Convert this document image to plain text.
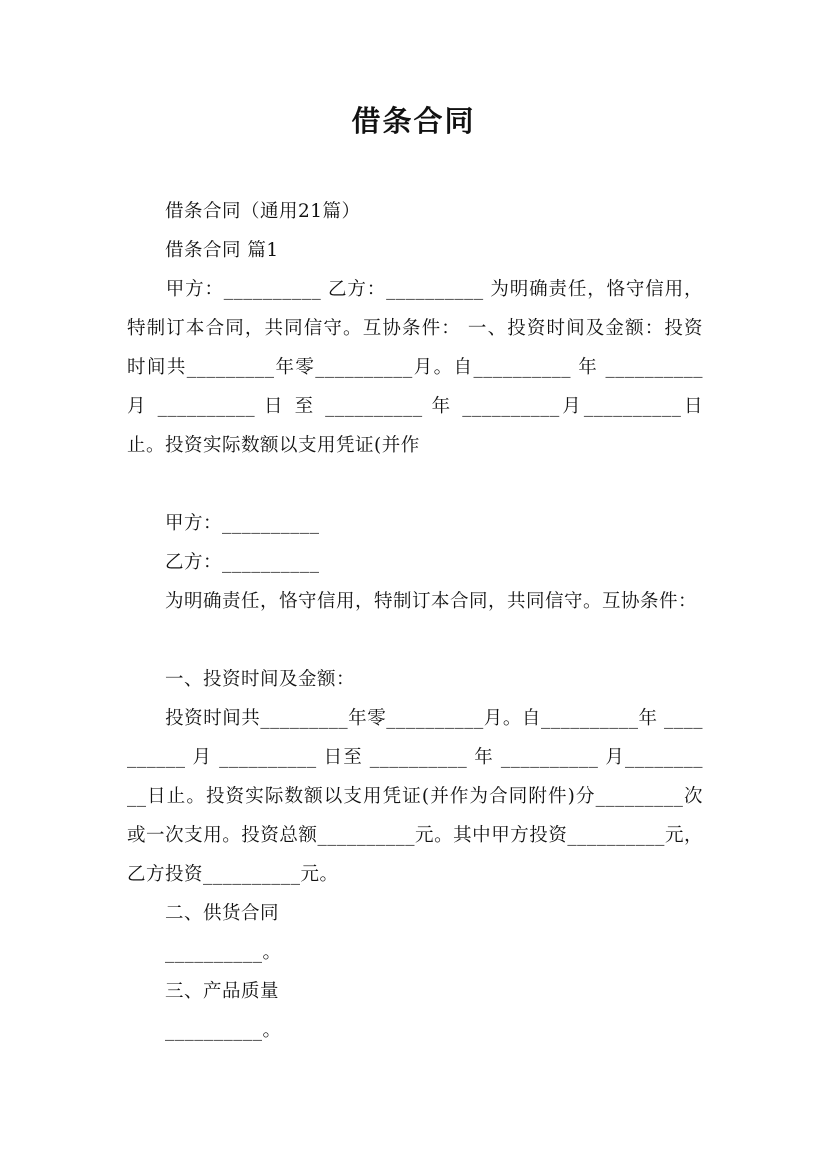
借条合同

　　借条合同（通用21篇）

　　借条合同 篇1

　　甲方：__________ 乙方：__________ 为明确责任，恪守信用，特制订本合同，共同信守。互协条件： 一、投资时间及金额：投资时间共_________年零__________月。自__________ 年 __________ 月 __________ 日 至 __________ 年 __________月__________日止。投资实际数额以支用凭证(并作

　　甲方：__________

　　乙方：__________

　　为明确责任，恪守信用，特制订本合同，共同信守。互协条件：

　　一、投资时间及金额：

　　投资时间共_________年零__________月。自__________年 __________ 月 __________ 日至 __________ 年 __________ 月__________日止。投资实际数额以支用凭证(并作为合同附件)分_________次或一次支用。投资总额__________元。其中甲方投资__________元，乙方投资__________元。

　　二、供货合同

　　__________。

　　三、产品质量

　　__________。
